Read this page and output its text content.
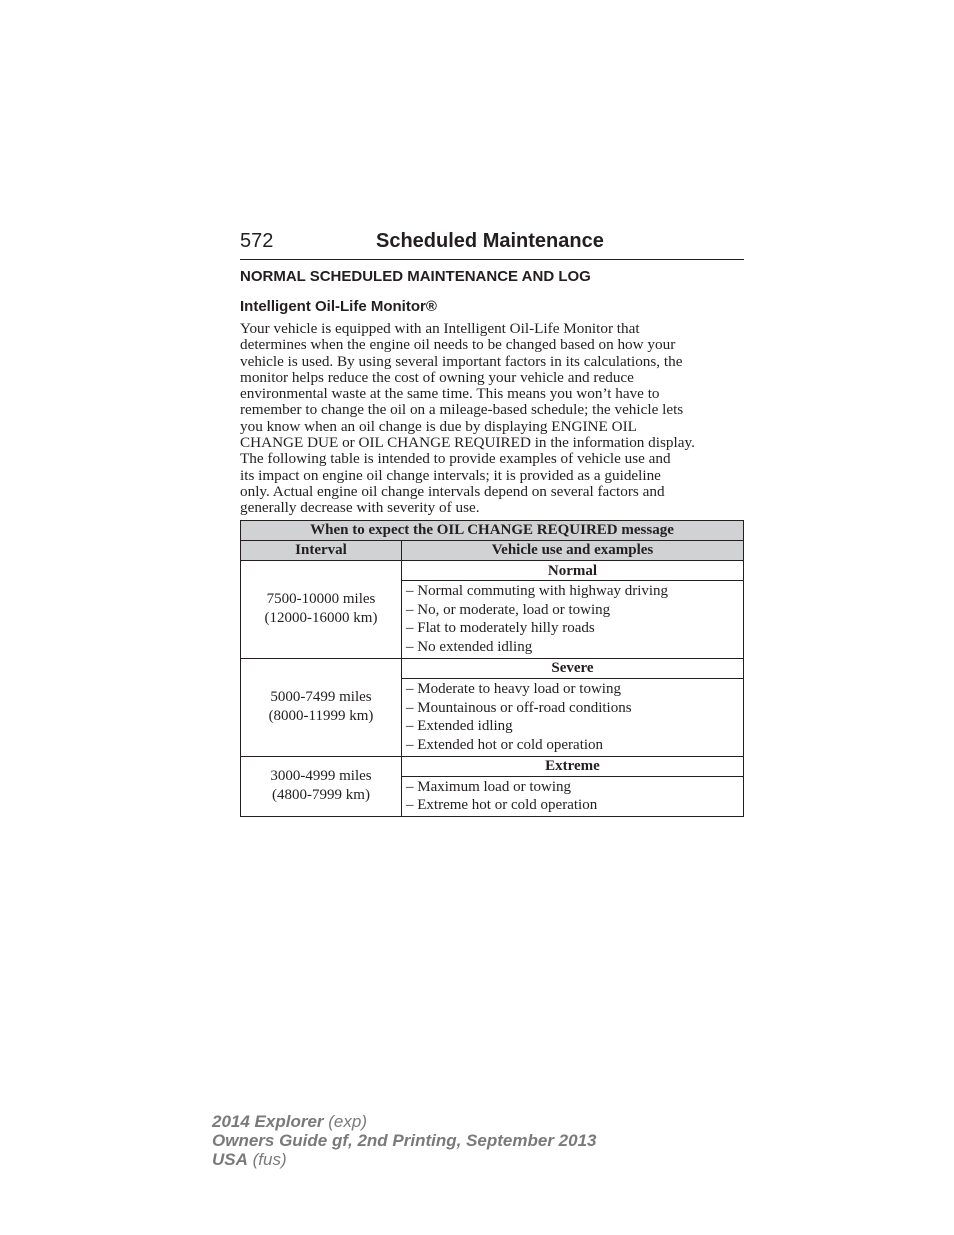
572	Scheduled Maintenance
NORMAL SCHEDULED MAINTENANCE AND LOG
Intelligent Oil-Life Monitor®
Your vehicle is equipped with an Intelligent Oil-Life Monitor that
determines when the engine oil needs to be changed based on how your
vehicle is used. By using several important factors in its calculations, the
monitor helps reduce the cost of owning your vehicle and reduce
environmental waste at the same time. This means you won’t have to
remember to change the oil on a mileage-based schedule; the vehicle lets
you know when an oil change is due by displaying ENGINE OIL
CHANGE DUE or OIL CHANGE REQUIRED in the information display.
The following table is intended to provide examples of vehicle use and
its impact on engine oil change intervals; it is provided as a guideline
only. Actual engine oil change intervals depend on several factors and
generally decrease with severity of use.
When to expect the OIL CHANGE REQUIRED message	
Interval	Vehicle use and examples

7500-10000 miles
(12000-16000 km)	Normal

	– Normal commuting with highway driving
– No, or moderate, load or towing
– Flat to moderately hilly roads
– No extended idling

5000-7499 miles
(8000-11999 km)	Severe

	– Moderate to heavy load or towing
– Mountainous or off-road conditions
– Extended idling
– Extended hot or cold operation

3000-4999 miles
(4800-7999 km)	Extreme

	– Maximum load or towing
– Extreme hot or cold operation
2014 Explorer (exp)
Owners Guide gf, 2nd Printing, September 2013
USA (fus)
